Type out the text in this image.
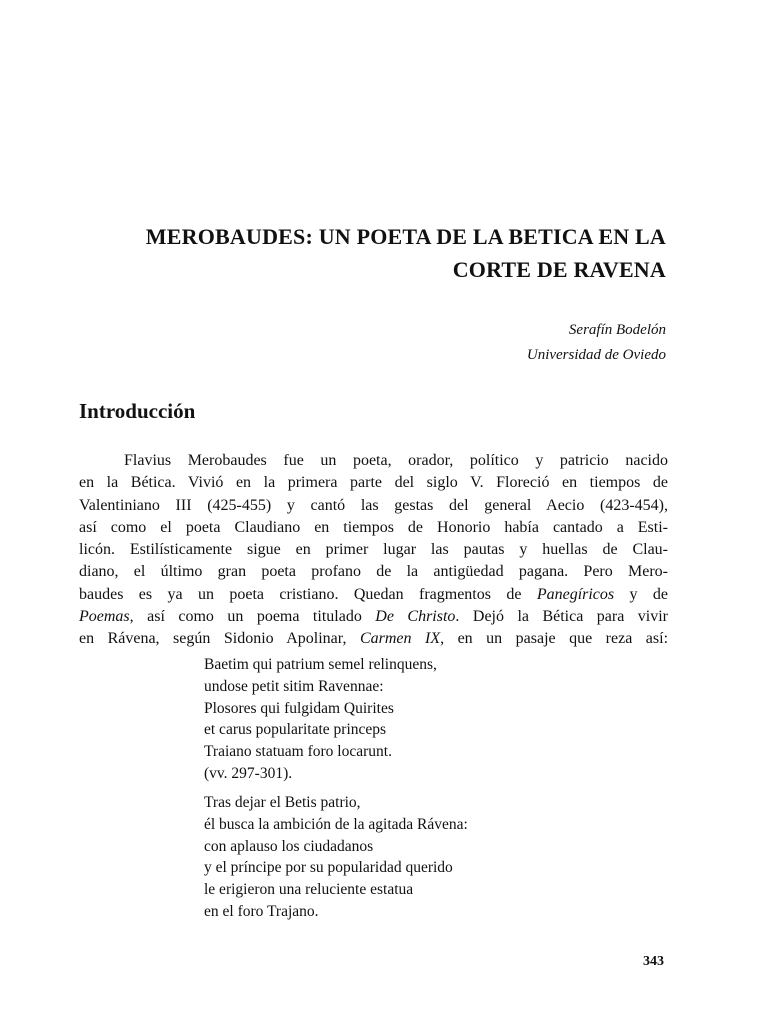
MEROBAUDES: UN POETA DE LA BETICA EN LA
CORTE DE RAVENA
Serafín Bodelón
Universidad de Oviedo
Introducción
Flavius Merobaudes fue un poeta, orador, político y patricio nacido
en la Bética. Vivió en la primera parte del siglo V. Floreció en tiempos de
Valentiniano III (425-455) y cantó las gestas del general Aecio (423-454),
así como el poeta Claudiano en tiempos de Honorio había cantado a Esti-
licón. Estilísticamente sigue en primer lugar las pautas y huellas de Clau-
diano, el último gran poeta profano de la antigüedad pagana. Pero Mero-
baudes es ya un poeta cristiano. Quedan fragmentos de Panegíricos y de
Poemas, así como un poema titulado De Christo. Dejó la Bética para vivir
en Rávena, según Sidonio Apolinar, Carmen IX, en un pasaje que reza así:
Baetim qui patrium semel relinquens,
undose petit sitim Ravennae:
Plosores qui fulgidam Quirites
et carus popularitate princeps
Traiano statuam foro locarunt.
(vv. 297-301).
Tras dejar el Betis patrio,
él busca la ambición de la agitada Rávena:
con aplauso los ciudadanos
y el príncipe por su popularidad querido
le erigieron una reluciente estatua
en el foro Trajano.
343
